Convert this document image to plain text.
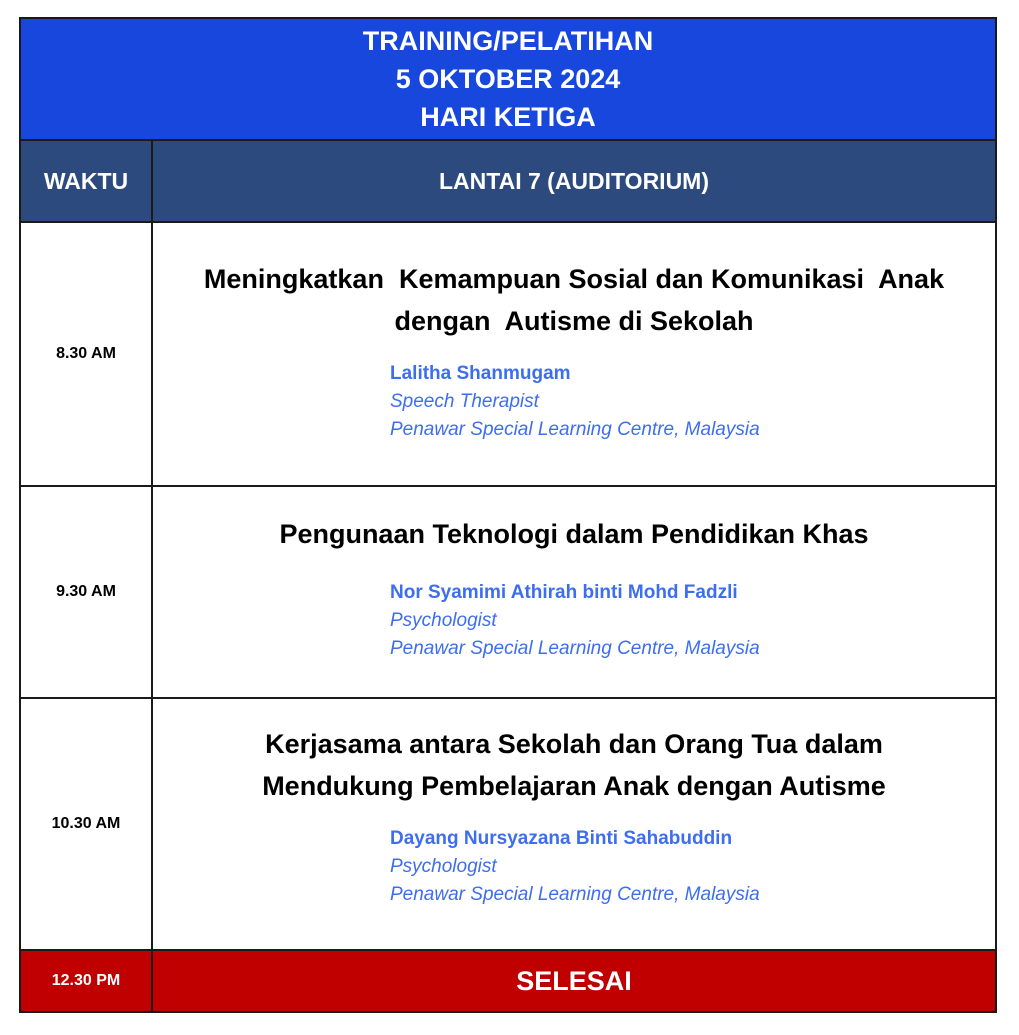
TRAINING/PELATIHAN
5 OKTOBER 2024
HARI KETIGA	

WAKTU	LANTAI 7 (AUDITORIUM)
8.30 AM	Meningkatkan  Kemampuan Sosial dan Komunikasi  Anak
dengan  Autisme di Sekolah
Lalitha Shanmugam
Speech Therapist
Penawar Special Learning Centre, Malaysia

9.30 AM	Pengunaan Teknologi dalam Pendidikan Khas
Nor Syamimi Athirah binti Mohd Fadzli
Psychologist
Penawar Special Learning Centre, Malaysia

10.30 AM	Kerjasama antara Sekolah dan Orang Tua dalam
Mendukung Pembelajaran Anak dengan Autisme
Dayang Nursyazana Binti Sahabuddin
Psychologist
Penawar Special Learning Centre, Malaysia

12.30 PM	SELESAI
